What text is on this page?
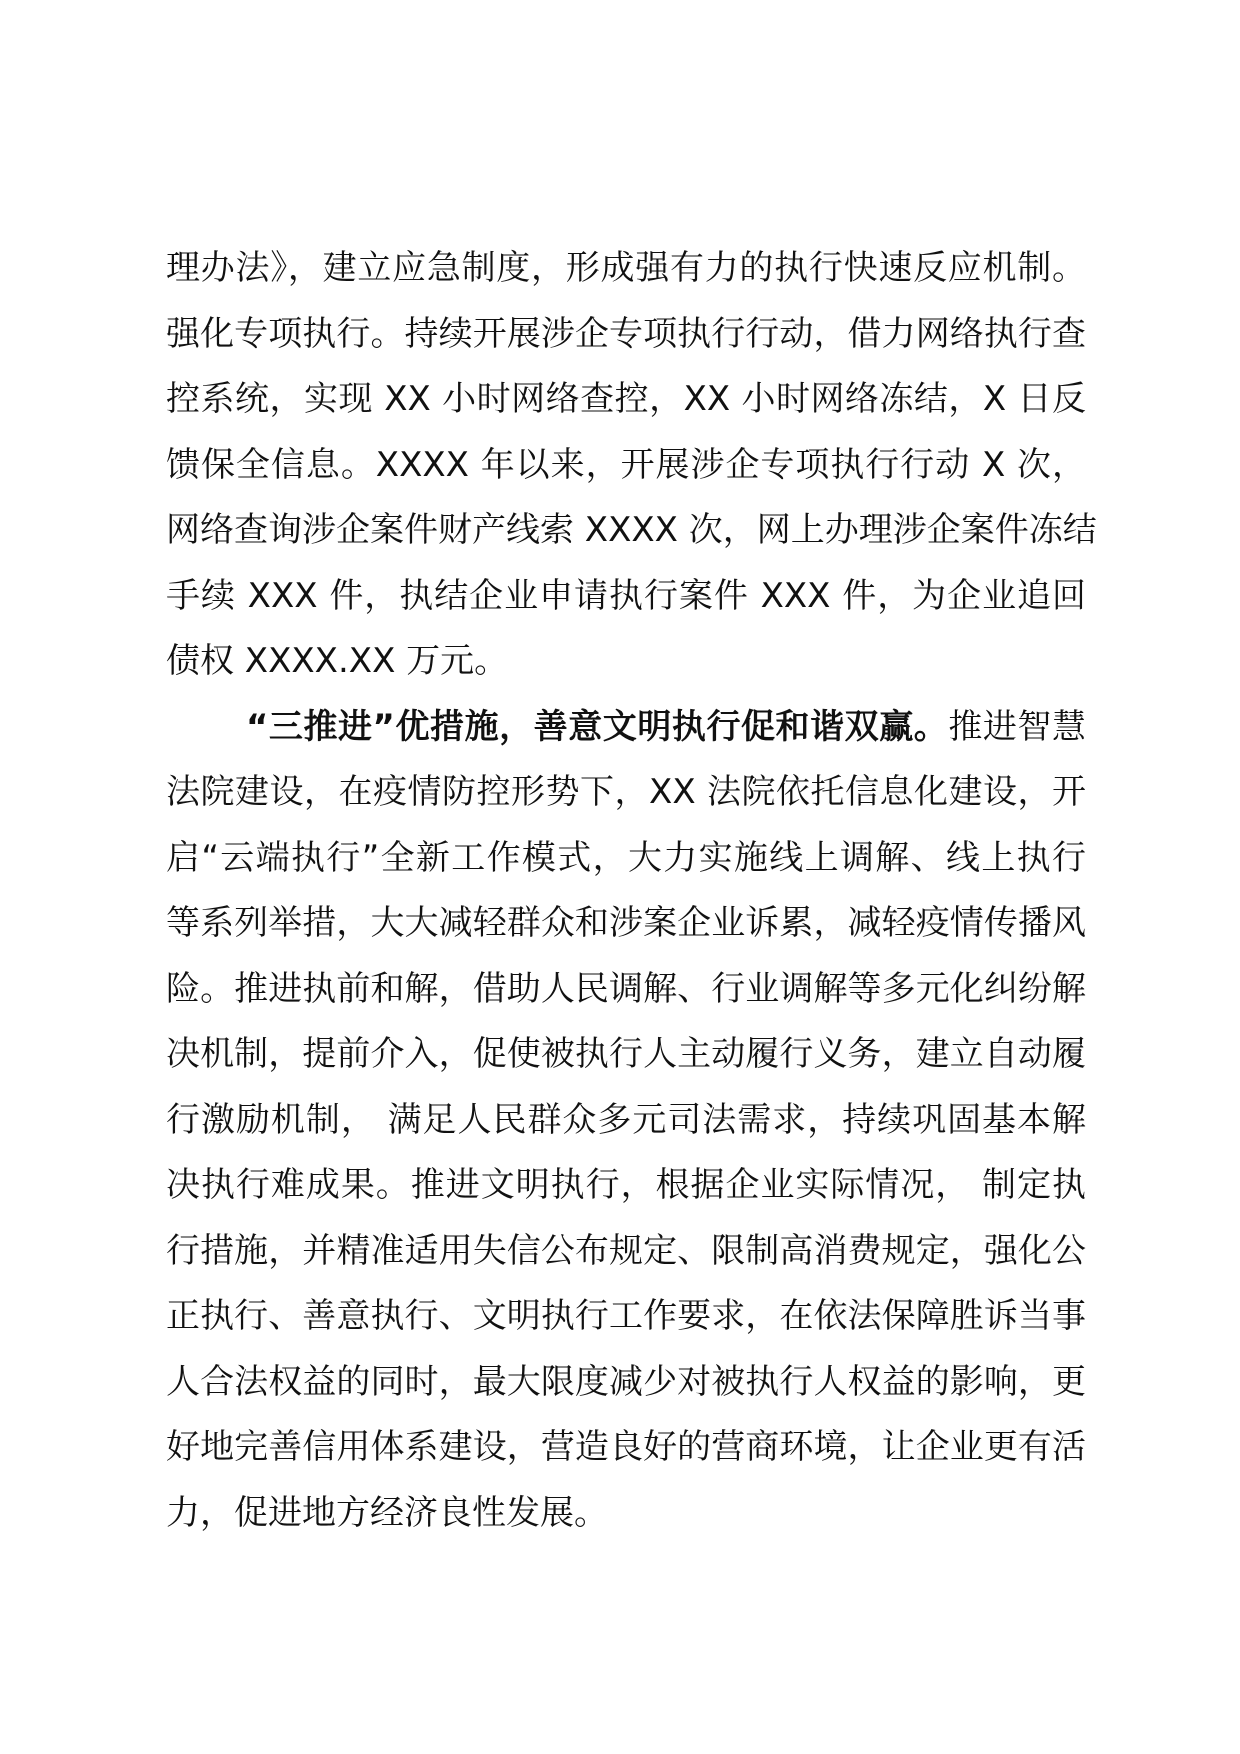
理办法》，建立应急制度，形成强有力的执行快速反应机制。
强化专项执行。持续开展涉企专项执行行动，借力网络执行查
控系统，实现 XX 小时网络查控，XX 小时网络冻结，X 日反
馈保全信息。XXXX 年以来，开展涉企专项执行行动 X 次，
网络查询涉企案件财产线索 XXXX 次，网上办理涉企案件冻结
手续 XXX 件，执结企业申请执行案件 XXX 件，为企业追回
债权 XXXX.XX 万元。
“三推进”优措施，善意文明执行促和谐双赢。推进智慧
法院建设，在疫情防控形势下，XX 法院依托信息化建设，开
启“云端执行”全新工作模式，大力实施线上调解、线上执行
等系列举措，大大减轻群众和涉案企业诉累，减轻疫情传播风
险。推进执前和解，借助人民调解、行业调解等多元化纠纷解
决机制，提前介入，促使被执行人主动履行义务，建立自动履
行激励机制， 满足人民群众多元司法需求，持续巩固基本解
决执行难成果。推进文明执行，根据企业实际情况， 制定执
行措施，并精准适用失信公布规定、限制高消费规定，强化公
正执行、善意执行、文明执行工作要求，在依法保障胜诉当事
人合法权益的同时，最大限度减少对被执行人权益的影响，更
好地完善信用体系建设，营造良好的营商环境，让企业更有活
力，促进地方经济良性发展。
